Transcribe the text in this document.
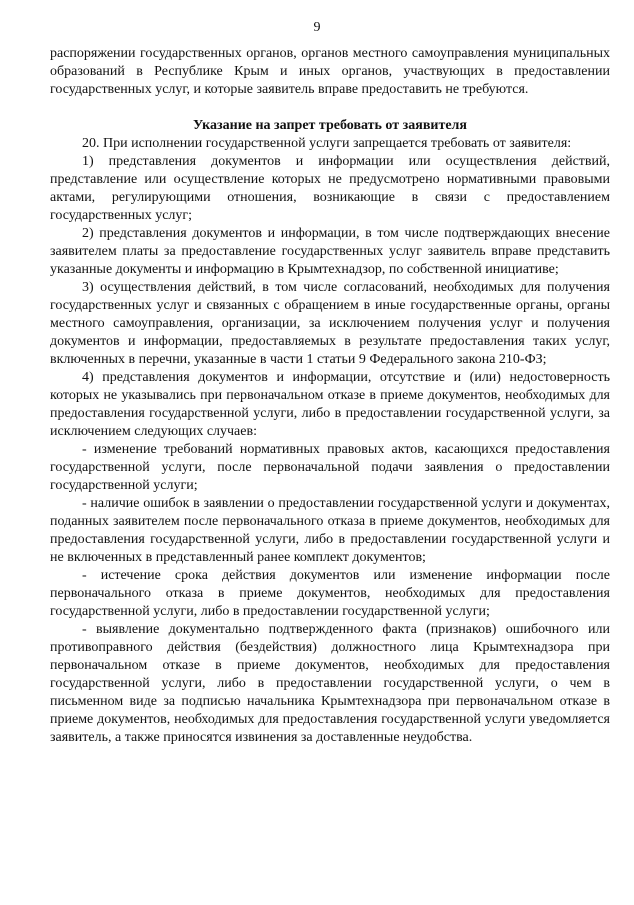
9

распоряжении государственных органов, органов местного самоуправления муниципальных образований в Республике Крым и иных органов, участвующих в предоставлении государственных услуг, и которые заявитель вправе предоставить не требуются.

Указание на запрет требовать от заявителя

20. При исполнении государственной услуги запрещается требовать от заявителя:

1) представления документов и информации или осуществления действий, представление или осуществление которых не предусмотрено нормативными правовыми актами, регулирующими отношения, возникающие в связи с предоставлением государственных услуг;

2) представления документов и информации, в том числе подтверждающих внесение заявителем платы за предоставление государственных услуг заявитель вправе представить указанные документы и информацию в Крымтехнадзор, по собственной инициативе;

3) осуществления действий, в том числе согласований, необходимых для получения государственных услуг и связанных с обращением в иные государственные органы, органы местного самоуправления, организации, за исключением получения услуг и получения документов и информации, предоставляемых в результате предоставления таких услуг, включенных в перечни, указанные в части 1 статьи 9 Федерального закона 210-ФЗ;

4) представления документов и информации, отсутствие и (или) недостоверность которых не указывались при первоначальном отказе в приеме документов, необходимых для предоставления государственной услуги, либо в предоставлении государственной услуги, за исключением следующих случаев:

- изменение требований нормативных правовых актов, касающихся предоставления государственной услуги, после первоначальной подачи заявления о предоставлении государственной услуги;

- наличие ошибок в заявлении о предоставлении государственной услуги и документах, поданных заявителем после первоначального отказа в приеме документов, необходимых для предоставления государственной услуги, либо в предоставлении государственной услуги и не включенных в представленный ранее комплект документов;

- истечение срока действия документов или изменение информации после первоначального отказа в приеме документов, необходимых для предоставления государственной услуги, либо в предоставлении государственной услуги;

- выявление документально подтвержденного факта (признаков) ошибочного или противоправного действия (бездействия) должностного лица Крымтехнадзора при первоначальном отказе в приеме документов, необходимых для предоставления государственной услуги, либо в предоставлении государственной услуги, о чем в письменном виде за подписью начальника Крымтехнадзора при первоначальном отказе в приеме документов, необходимых для предоставления государственной услуги уведомляется заявитель, а также приносятся извинения за доставленные неудобства.
